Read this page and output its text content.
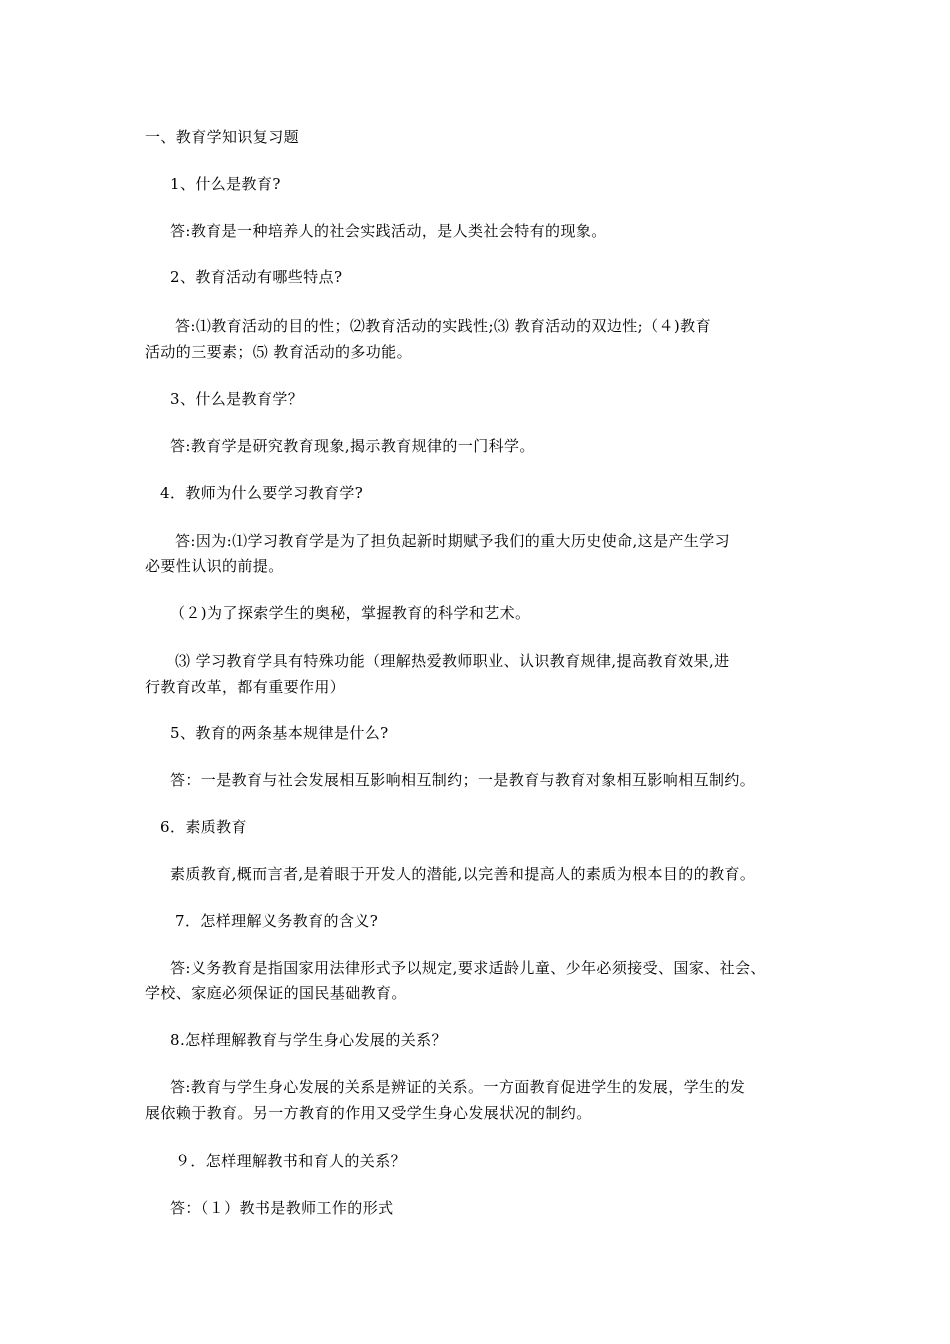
一、教育学知识复习题
1、什么是教育?
答:教育是一种培养人的社会实践活动，是人类社会特有的现象。
2、教育活动有哪些特点?
答:⑴教育活动的目的性；⑵教育活动的实践性;⑶ 教育活动的双边性;（４)教育
活动的三要素；⑸ 教育活动的多功能。
3、什么是教育学？
答:教育学是研究教育现象,揭示教育规律的一门科学。
4．教师为什么要学习教育学?
答:因为:⑴学习教育学是为了担负起新时期赋予我们的重大历史使命,这是产生学习
必要性认识的前提。
（２)为了探索学生的奥秘，掌握教育的科学和艺术。
⑶ 学习教育学具有特殊功能（理解热爱教师职业、认识教育规律,提高教育效果,进
行教育改革，都有重要作用）
5、教育的两条基本规律是什么?
答：一是教育与社会发展相互影响相互制约；一是教育与教育对象相互影响相互制约。
6．素质教育
素质教育,概而言者,是着眼于开发人的潜能,以完善和提高人的素质为根本目的的教育。
7．怎样理解义务教育的含义?
答:义务教育是指国家用法律形式予以规定,要求适龄儿童、少年必须接受、国家、社会、
学校、家庭必须保证的国民基础教育。
8.怎样理解教育与学生身心发展的关系？
答:教育与学生身心发展的关系是辨证的关系。一方面教育促进学生的发展，学生的发
展依赖于教育。另一方教育的作用又受学生身心发展状况的制约。
９．怎样理解教书和育人的关系？
答：（１）教书是教师工作的形式
